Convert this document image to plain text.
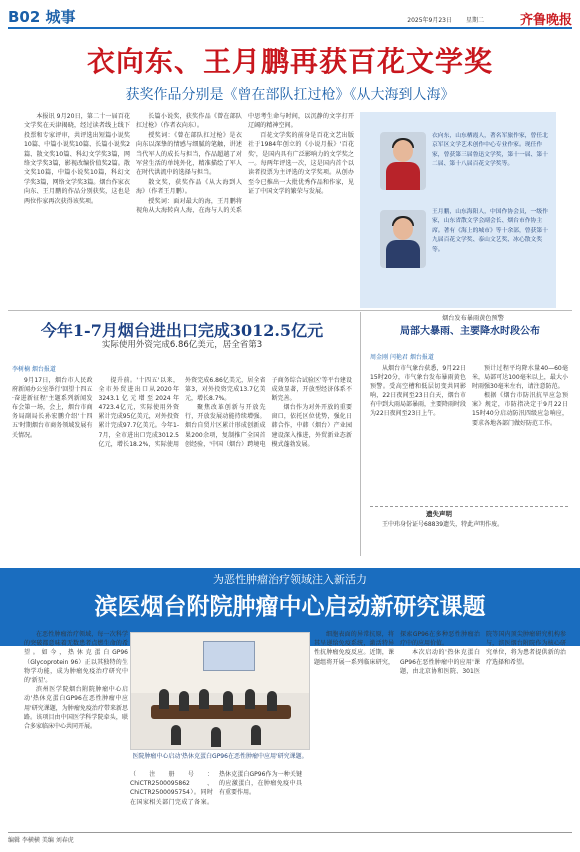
B02 城事	2025年9月23日 星期二	齐鲁晚报
衣向东、王月鹏再获百花文学奖
获奖作品分别是《曾在部队扛过枪》《从大海到人海》

本报讯 9月20日，第二十一届百花文学奖在天津揭晓，经过读者线上线下投票和专家评审，共评选出短篇小说奖10篇、中篇小说奖10篇、长篇小说奖2篇、散文奖10篇、科幻文学奖3篇，网络文学奖3篇，影视改编价值奖2篇。散文奖10篇，中篇小说奖10篇，科幻文学奖3篇，网络文学奖3篇。烟台作家衣向东、王月鹏的作品分别获奖，这也是两位作家再次获得该奖项。

长篇小说奖，获奖作品《曾在部队扛过枪》（作者衣向东）。

授奖词：《曾在部队扛过枪》是衣向东以深挚的情感与细腻的笔触，讲述当代军人的成长与担当，作品超越了对军营生活的单纯外化，精准描绘了军人在时代洪流中的选择与担当。

散文奖，获奖作品《从大海到人海》（作者王月鹏）。

授奖词：面对最大的海，王月鹏将视角从大海转向人海，在海与人的关系中思考生命与时间，以沉静的文字打开辽阔的精神空间。

百花文学奖的前身是百花文艺出版社于1984年创立的《小说月报》'百花奖'，是国内具有广泛影响力的文学奖之一。每两年评选一次，这是国内首个以读者投票为主评选的文学奖项。从创办至今已推出一大批优秀作品和作家，见证了中国文学的繁荣与发展。

衣向东，山东栖霞人，著名军旅作家，曾任北京军区文学艺术创作中心专业作家。现任作家，曾获第三届鲁迅文学奖，第十一届、第十二届、第十八届百花文学奖等。
王月鹏，山东海阳人，中国作协会员，一级作家，山东省散文学会副会长、烟台市作协主席。著有《海上的城市》等十余部，曾获第十九届百花文学奖、泰山文艺奖、冰心散文奖等。
今年1-7月烟台进出口完成3012.5亿元
实际使用外资完成6.86亿美元，居全省第3
李树楠 烟台报道

9月17日，烟台市人民政府新闻办公室举行'回望十四五·奋进新征程'主题系列新闻发布会第一场，会上，烟台市商务局副局长孙宏鹏介绍'十四五'时期烟台市商务领域发展有关情况。

提升前。'十四五'以来，全市外贸进出口从2020年3243.1亿元增至2024年4723.4亿元，实际使用外资累计完成95亿美元，对外投资累计完成97.7亿美元。今年1-7月，全市进出口完成3012.5亿元，增长18.2%，实际使用外资完成6.86亿美元，居全省第3，对外投资完成13.7亿美元，增长8.7%。

聚焦改革创新与开放先行，开放发展动能持续增强。烟台自贸片区累计形成创新成果200余项，复制推广全国首创经验，'中国（烟台）跨境电子商务综合试验区'等平台建设成效显著，开放型经济体系不断完善。

烟台作为对外开放的重要窗口，依托区位优势，强化日韩合作，中韩（烟台）产业园建设深入推进，外贸新业态新模式蓬勃发展。

烟台发布暴雨黄色预警
局部大暴雨、主要降水时段公布
周金刚 闫艳君 烟台报道

从烟台市气象台获悉，9月22日15时20分，市气象台发布暴雨黄色预警。受高空槽和低层切变共同影响，22日夜间至23日白天，烟台市有中到大雨局部暴雨，主要降雨时段为22日夜间至23日上午。

预计过程平均降水量40—60毫米，局部可达100毫米以上，最大小时雨强30毫米左右，请注意防范。

根据《烟台市防汛抗旱应急预案》规定，市防指决定于9月22日15时40分启动防汛四级应急响应，要求各地各部门做好防范工作。

遗失声明
王中玮身份证号68839遗失，特此声明作废。
为恶性肿瘤治疗领域注入新活力
滨医烟台附院肿瘤中心启动新研究课题

在恶性肿瘤治疗领域，每一次科学的突破都意味着无数患者点燃生命的希望。如今，热休克蛋白GP96（Glycoprotein 96）正以其独特的生物学功能，成为肿瘤免疫治疗研究中的'新星'。

滨州医学院烟台附院肿瘤中心启动'热休克蛋白GP96在恶性肿瘤中应用'研究课题，为肿瘤免疫治疗带来新思路。该项目由中国医学科学院牵头，联合多家临床中心共同开展。

医院肿瘤中心启动'热休克蛋白GP96在恶性肿瘤中应用'研究课题。
（注册号：ChiCTR2500095862、ChiCTR2500095754）。同时在国家相关部门完成了备案。热休克蛋白GP96作为一种关键的应激蛋白，在肿瘤免疫中具有重要作用。

细胞表面的异常抗原，将其呈递给免疫系统，激活特异性抗肿瘤免疫反应。近期，课题组将开展一系列临床研究，探索GP96在多种恶性肿瘤治疗中的应用价值。

本次启动的'热休克蛋白GP96在恶性肿瘤中的应用'课题，由北京协和医院、301医院等国内顶尖肿瘤研究机构参与，滨医烟台附院作为核心研究单位，将为患者提供新的治疗选择和希望。

编辑 李横横 美编 刘春虎
